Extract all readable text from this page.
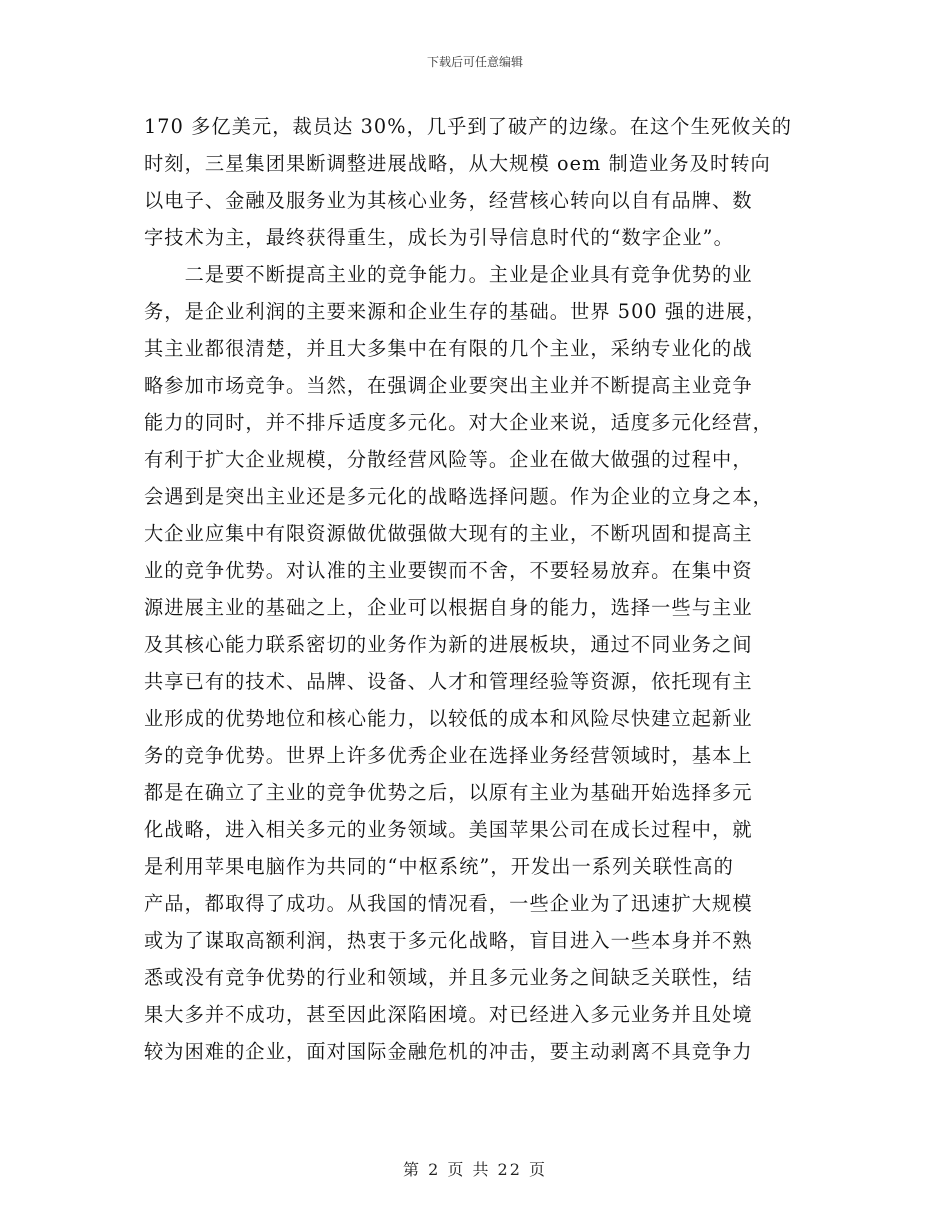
下载后可任意编辑
170 多亿美元，裁员达 30%，几乎到了破产的边缘。在这个生死攸关的
时刻，三星集团果断调整进展战略，从大规模 oem 制造业务及时转向
以电子、金融及服务业为其核心业务，经营核心转向以自有品牌、数
字技术为主，最终获得重生，成长为引导信息时代的“数字企业”。
　　二是要不断提高主业的竞争能力。主业是企业具有竞争优势的业
务，是企业利润的主要来源和企业生存的基础。世界 500 强的进展，
其主业都很清楚，并且大多集中在有限的几个主业，采纳专业化的战
略参加市场竞争。当然，在强调企业要突出主业并不断提高主业竞争
能力的同时，并不排斥适度多元化。对大企业来说，适度多元化经营，
有利于扩大企业规模，分散经营风险等。企业在做大做强的过程中，
会遇到是突出主业还是多元化的战略选择问题。作为企业的立身之本，
大企业应集中有限资源做优做强做大现有的主业，不断巩固和提高主
业的竞争优势。对认准的主业要锲而不舍，不要轻易放弃。在集中资
源进展主业的基础之上，企业可以根据自身的能力，选择一些与主业
及其核心能力联系密切的业务作为新的进展板块，通过不同业务之间
共享已有的技术、品牌、设备、人才和管理经验等资源，依托现有主
业形成的优势地位和核心能力，以较低的成本和风险尽快建立起新业
务的竞争优势。世界上许多优秀企业在选择业务经营领域时，基本上
都是在确立了主业的竞争优势之后，以原有主业为基础开始选择多元
化战略，进入相关多元的业务领域。美国苹果公司在成长过程中，就
是利用苹果电脑作为共同的“中枢系统”，开发出一系列关联性高的
产品，都取得了成功。从我国的情况看，一些企业为了迅速扩大规模
或为了谋取高额利润，热衷于多元化战略，盲目进入一些本身并不熟
悉或没有竞争优势的行业和领域，并且多元业务之间缺乏关联性，结
果大多并不成功，甚至因此深陷困境。对已经进入多元业务并且处境
较为困难的企业，面对国际金融危机的冲击，要主动剥离不具竞争力
第 2 页 共 22 页
